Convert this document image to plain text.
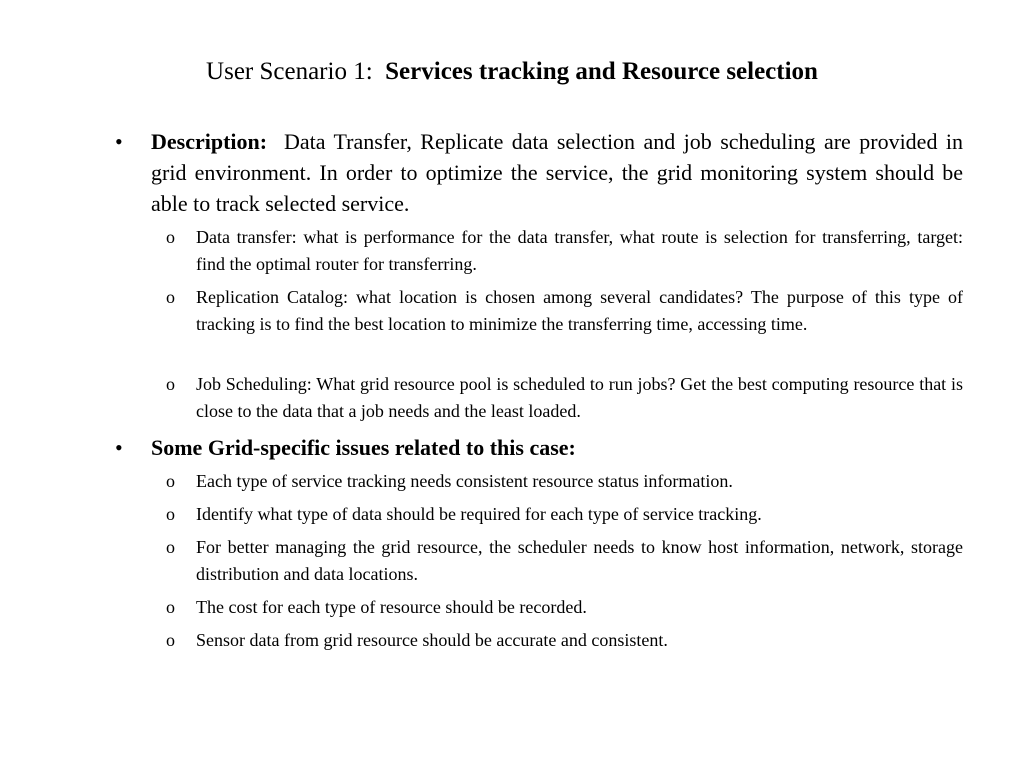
User Scenario 1: Services tracking and Resource selection
• Description: Data Transfer, Replicate data selection and job scheduling are provided in grid environment. In order to optimize the service, the grid monitoring system should be able to track selected service.
o Data transfer: what is performance for the data transfer, what route is selection for transferring, target: find the optimal router for transferring.
o Replication Catalog: what location is chosen among several candidates? The purpose of this type of tracking is to find the best location to minimize the transferring time, accessing time.
o Job Scheduling: What grid resource pool is scheduled to run jobs? Get the best computing resource that is close to the data that a job needs and the least loaded.
• Some Grid-specific issues related to this case:
o Each type of service tracking needs consistent resource status information.
o Identify what type of data should be required for each type of service tracking.
o For better managing the grid resource, the scheduler needs to know host information, network, storage distribution and data locations.
o The cost for each type of resource should be recorded.
o Sensor data from grid resource should be accurate and consistent.
